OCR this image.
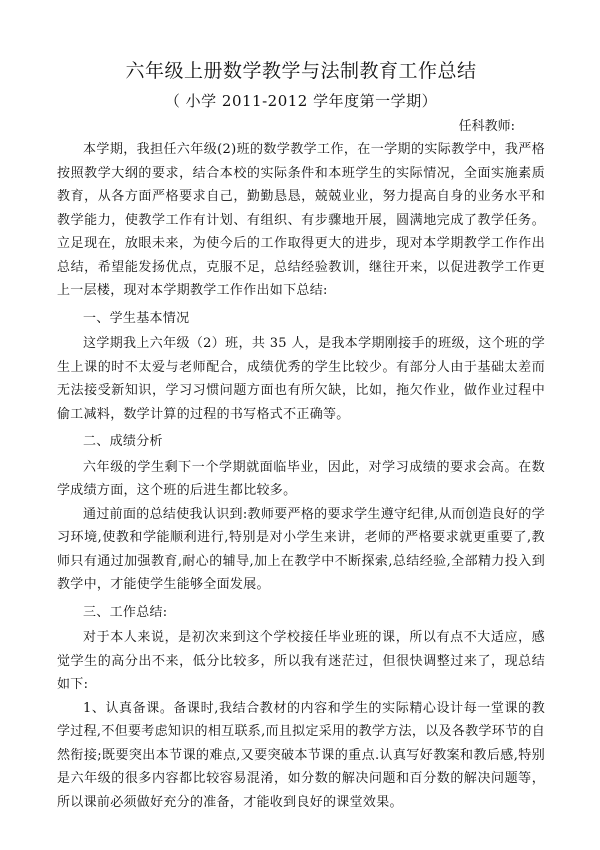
六年级上册数学教学与法制教育工作总结

（ 小学 2011-2012 学年度第一学期）

任科教师:

本学期，我担任六年级(2)班的数学教学工作，在一学期的实际教学中，我严格按照教学大纲的要求，结合本校的实际条件和本班学生的实际情况，全面实施素质教育，从各方面严格要求自己，勤勤恳恳，兢兢业业，努力提高自身的业务水平和教学能力，使教学工作有计划、有组织、有步骤地开展，圆满地完成了教学任务。立足现在，放眼未来，为使今后的工作取得更大的进步，现对本学期教学工作作出总结，希望能发扬优点，克服不足，总结经验教训，继往开来，以促进教学工作更上一层楼，现对本学期教学工作作出如下总结:

一、学生基本情况

这学期我上六年级（2）班，共 35 人，是我本学期刚接手的班级，这个班的学生上课的时不太爱与老师配合，成绩优秀的学生比较少。有部分人由于基础太差而无法接受新知识，学习习惯问题方面也有所欠缺，比如，拖欠作业，做作业过程中偷工减料，数学计算的过程的书写格式不正确等。

二、成绩分析

六年级的学生剩下一个学期就面临毕业，因此，对学习成绩的要求会高。在数学成绩方面，这个班的后进生都比较多。

通过前面的总结使我认识到:教师要严格的要求学生遵守纪律,从而创造良好的学习环境,使教和学能顺利进行,特别是对小学生来讲，老师的严格要求就更重要了,教师只有通过加强教育,耐心的辅导,加上在教学中不断探索,总结经验,全部精力投入到教学中，才能使学生能够全面发展。

三、工作总结:

对于本人来说，是初次来到这个学校接任毕业班的课，所以有点不大适应，感觉学生的高分出不来，低分比较多，所以我有迷茫过，但很快调整过来了，现总结如下:

1、认真备课。备课时,我结合教材的内容和学生的实际精心设计每一堂课的教学过程,不但要考虑知识的相互联系,而且拟定采用的教学方法，以及各教学环节的自然衔接;既要突出本节课的难点,又要突破本节课的重点.认真写好教案和教后感,特别是六年级的很多内容都比较容易混淆，如分数的解决问题和百分数的解决问题等，所以课前必须做好充分的准备，才能收到良好的课堂效果。
